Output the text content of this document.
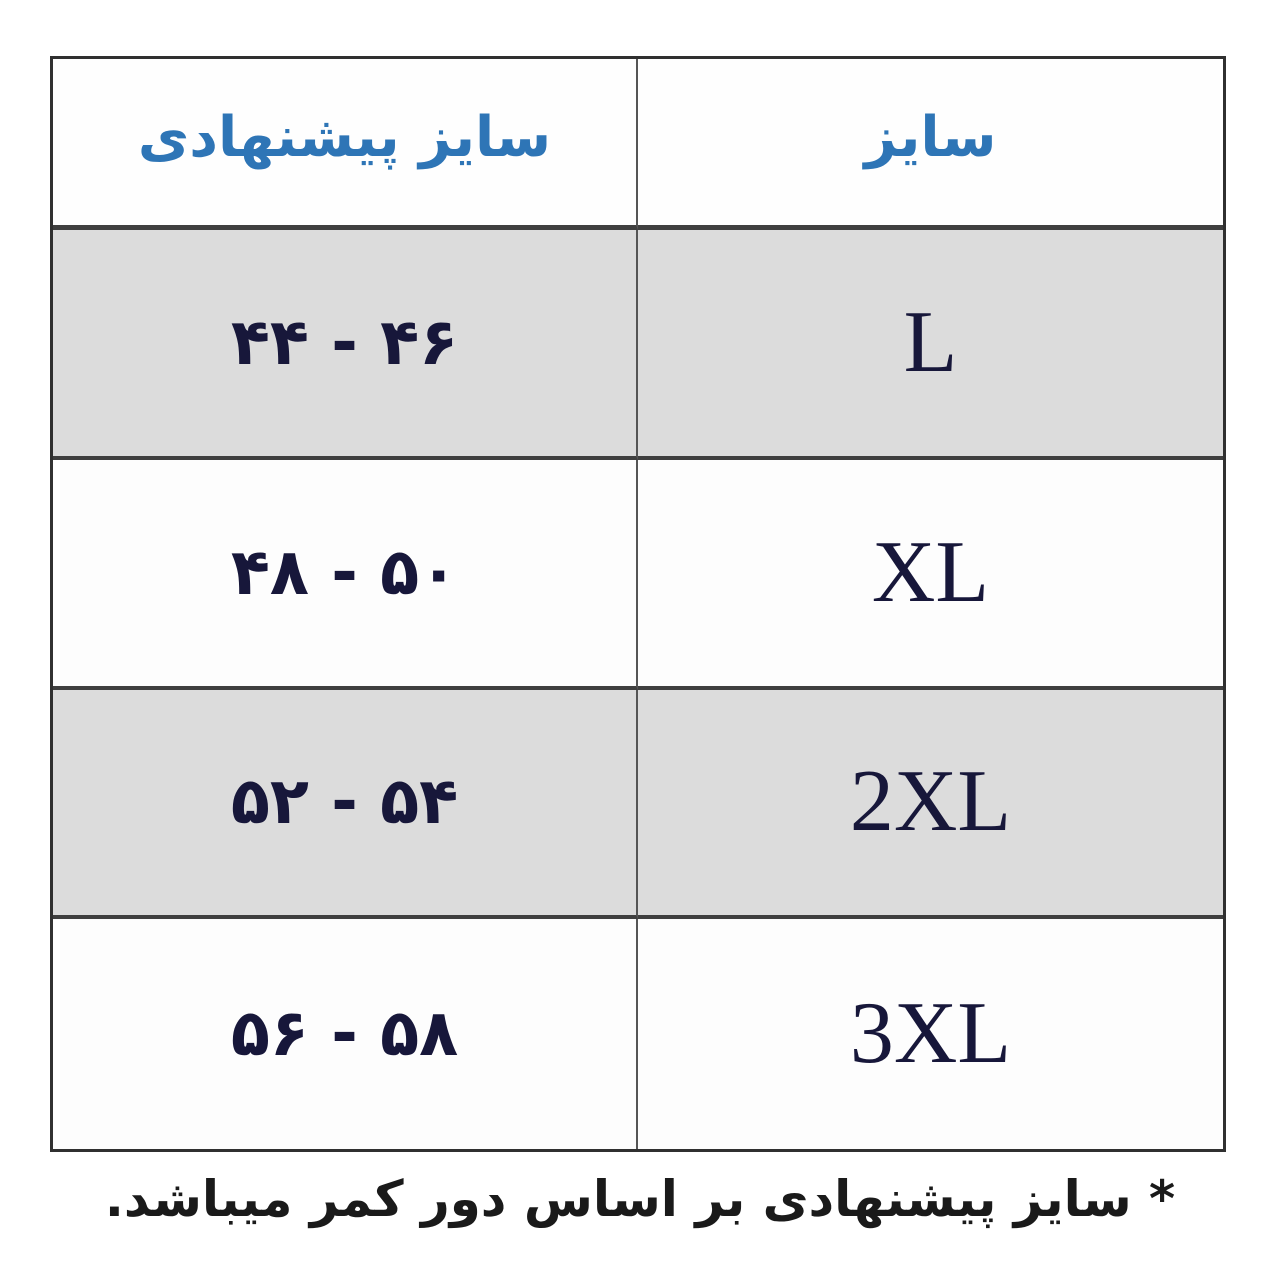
سایز پیشنهادی	سایز
۴۴ - ۴۶	L
۴۸ - ۵۰	XL
۵۲ - ۵۴	2XL
۵۶ - ۵۸	3XL
* سایز پیشنهادی بر اساس دور کمر میباشد.
